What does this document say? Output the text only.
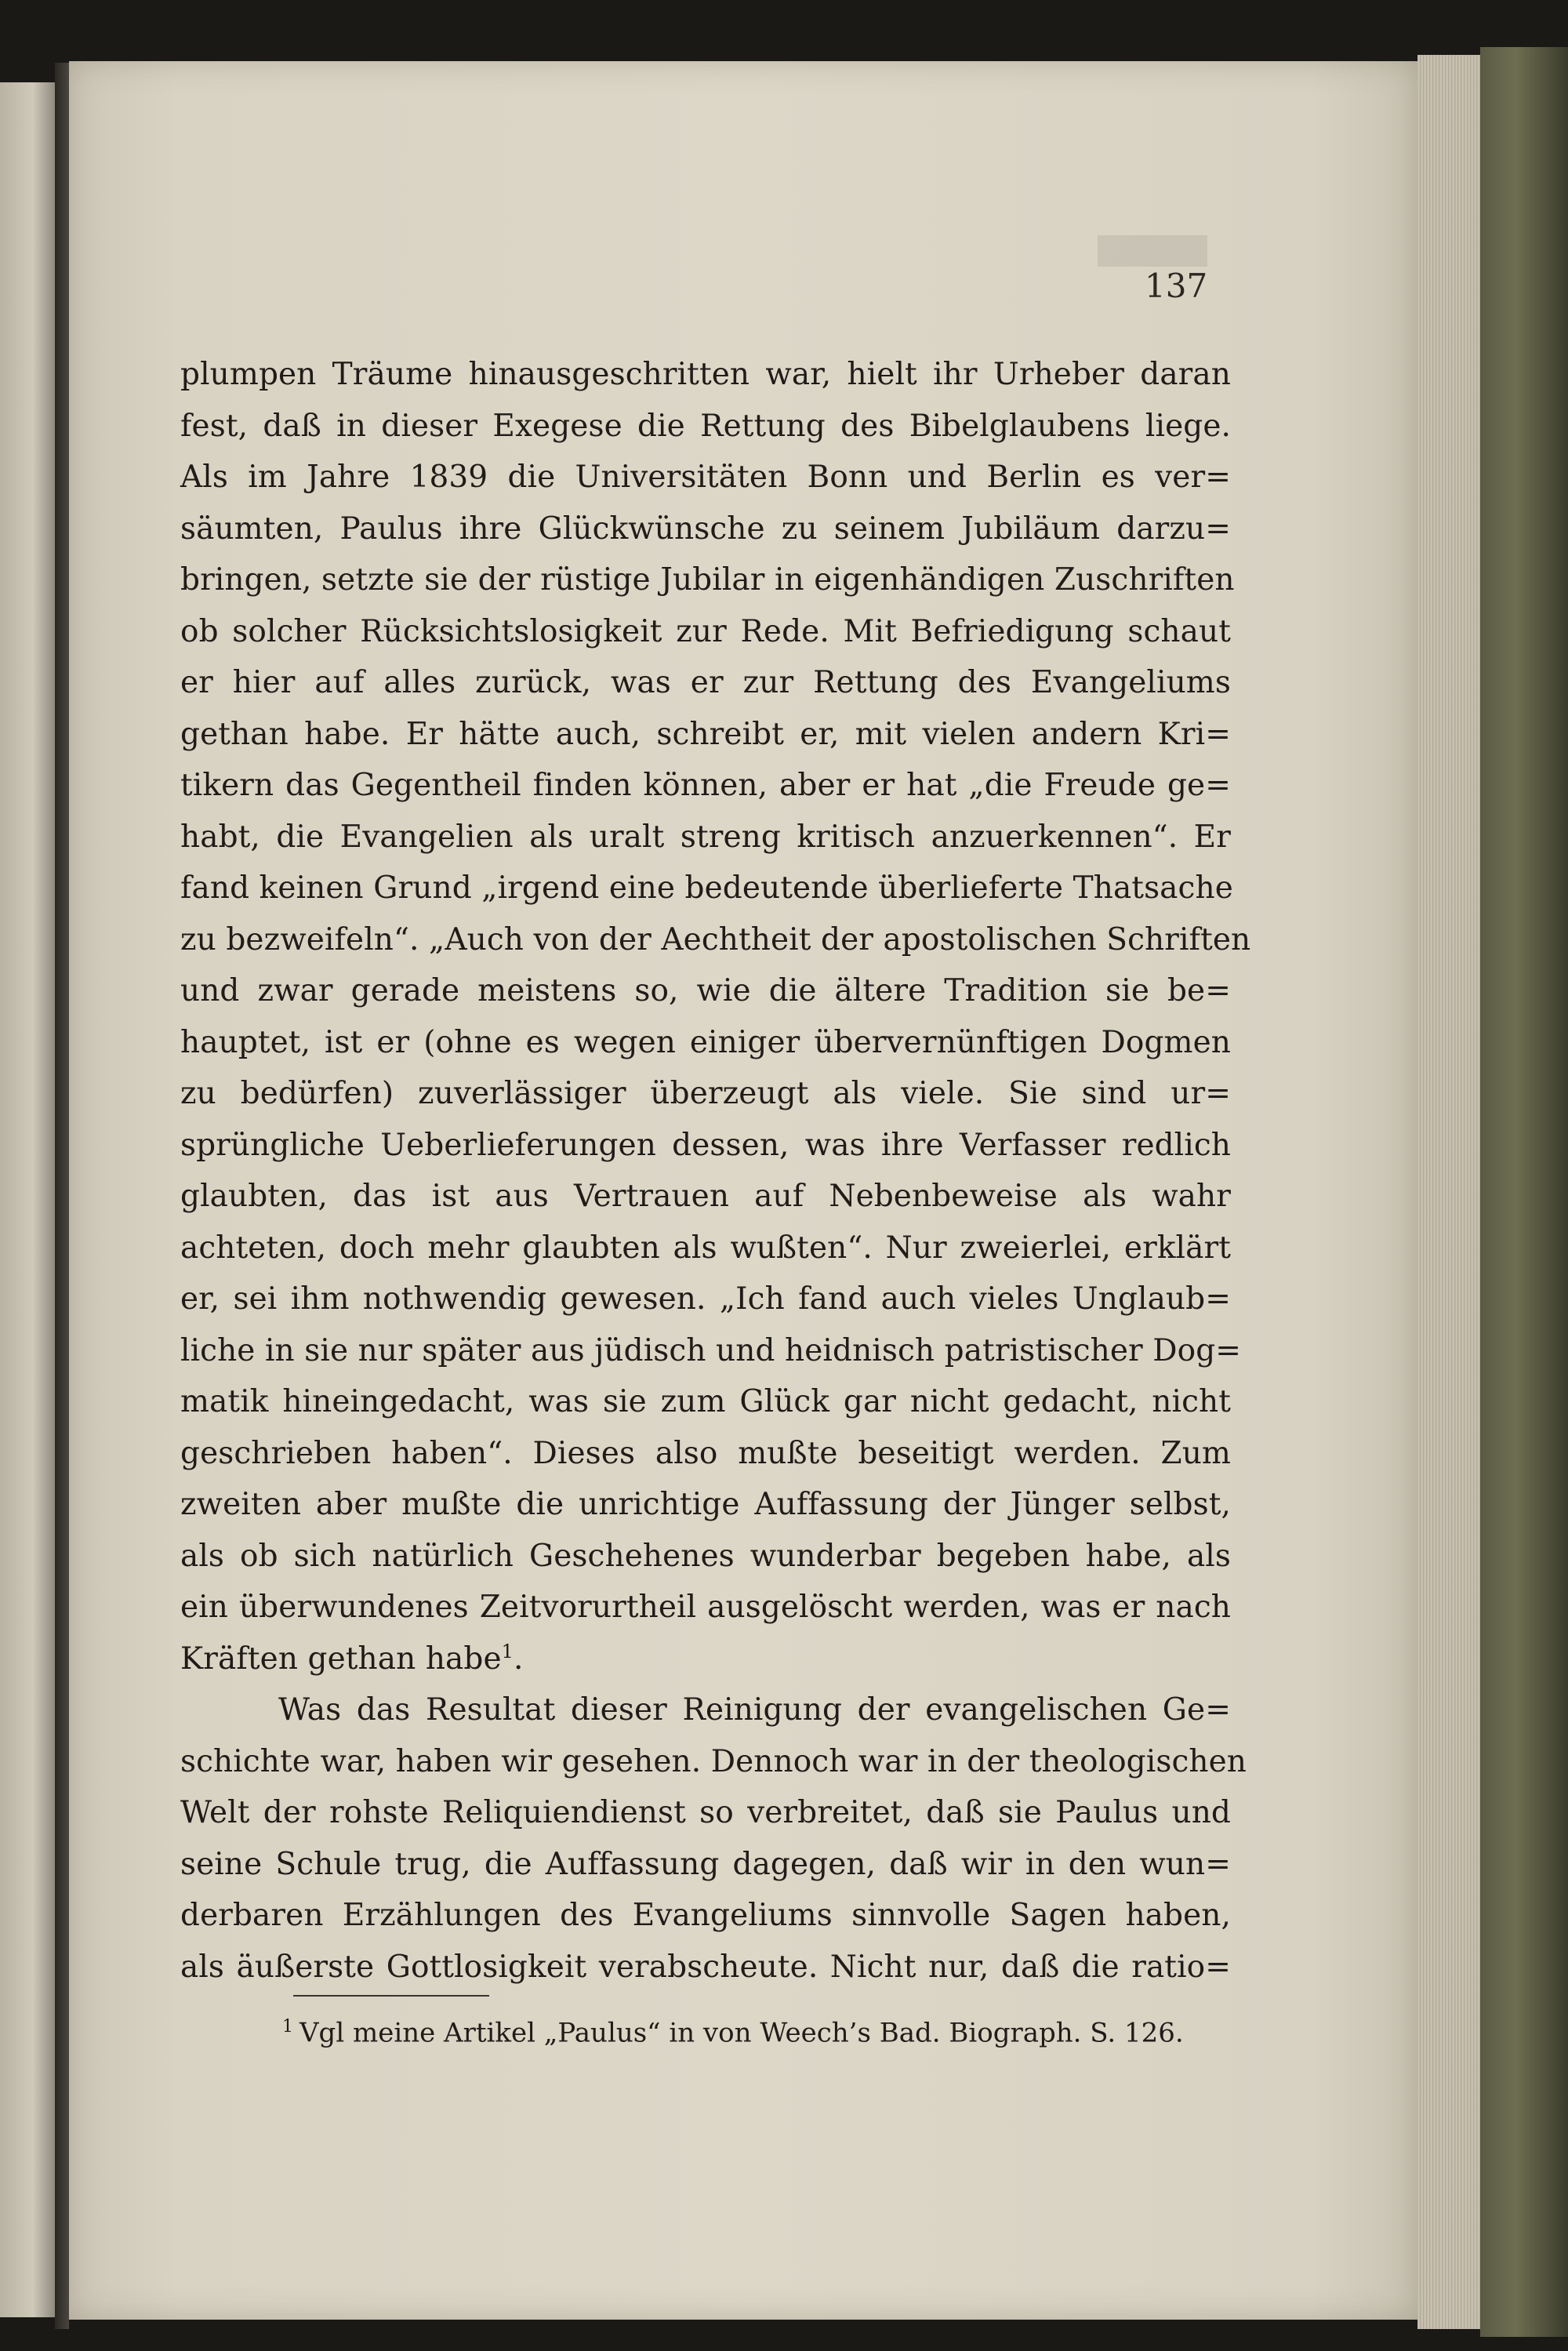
137
plumpen Träume hinausgeschritten war, hielt ihr Urheber daran
fest, daß in dieser Exegese die Rettung des Bibelglaubens liege.
Als im Jahre 1839 die Universitäten Bonn und Berlin es ver=
säumten, Paulus ihre Glückwünsche zu seinem Jubiläum darzu=
bringen, setzte sie der rüstige Jubilar in eigenhändigen Zuschriften
ob solcher Rücksichtslosigkeit zur Rede. Mit Befriedigung schaut
er hier auf alles zurück, was er zur Rettung des Evangeliums
gethan habe. Er hätte auch, schreibt er, mit vielen andern Kri=
tikern das Gegentheil finden können, aber er hat „die Freude ge=
habt, die Evangelien als uralt streng kritisch anzuerkennen“. Er
fand keinen Grund „irgend eine bedeutende überlieferte Thatsache
zu bezweifeln“. „Auch von der Aechtheit der apostolischen Schriften
und zwar gerade meistens so, wie die ältere Tradition sie be=
hauptet, ist er (ohne es wegen einiger übervernünftigen Dogmen
zu bedürfen) zuverlässiger überzeugt als viele. Sie sind ur=
sprüngliche Ueberlieferungen dessen, was ihre Verfasser redlich
glaubten, das ist aus Vertrauen auf Nebenbeweise als wahr
achteten, doch mehr glaubten als wußten“. Nur zweierlei, erklärt
er, sei ihm nothwendig gewesen. „Ich fand auch vieles Unglaub=
liche in sie nur später aus jüdisch und heidnisch patristischer Dog=
matik hineingedacht, was sie zum Glück gar nicht gedacht, nicht
geschrieben haben“. Dieses also mußte beseitigt werden. Zum
zweiten aber mußte die unrichtige Auffassung der Jünger selbst,
als ob sich natürlich Geschehenes wunderbar begeben habe, als
ein überwundenes Zeitvorurtheil ausgelöscht werden, was er nach
Kräften gethan habe$^1$.
Was das Resultat dieser Reinigung der evangelischen Ge=
schichte war, haben wir gesehen. Dennoch war in der theologischen
Welt der rohste Reliquiendienst so verbreitet, daß sie Paulus und
seine Schule trug, die Auffassung dagegen, daß wir in den wun=
derbaren Erzählungen des Evangeliums sinnvolle Sagen haben,
als äußerste Gottlosigkeit verabscheute. Nicht nur, daß die ratio=
$^1$ Vgl meine Artikel „Paulus“ in von Weech’s Bad. Biograph. S. 126.
